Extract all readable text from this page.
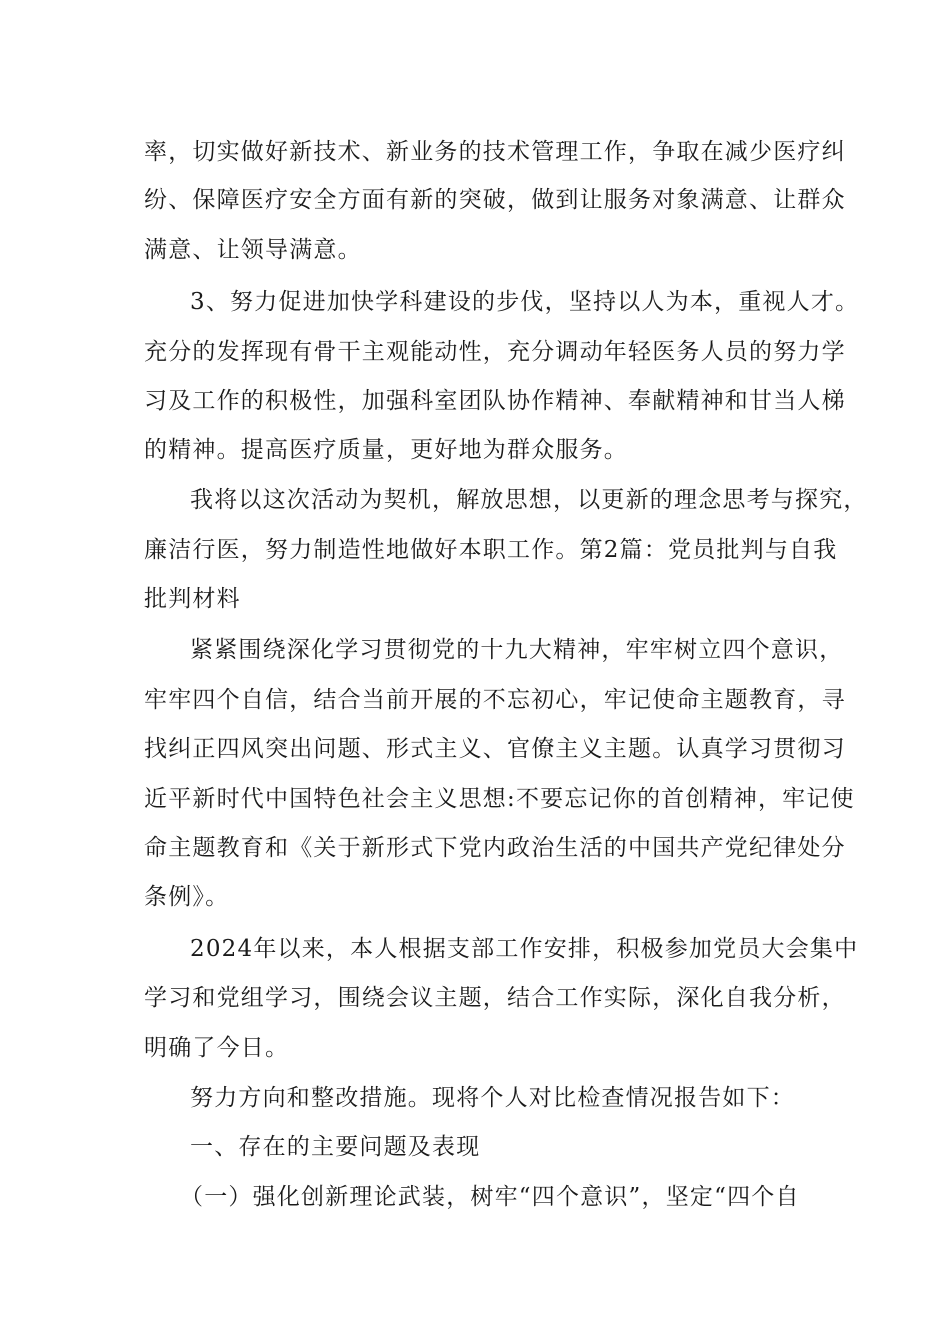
率，切实做好新技术、新业务的技术管理工作，争取在减少医疗纠
纷、保障医疗安全方面有新的突破，做到让服务对象满意、让群众
满意、让领导满意。
3、努力促进加快学科建设的步伐，坚持以人为本，重视人才。
充分的发挥现有骨干主观能动性，充分调动年轻医务人员的努力学
习及工作的积极性，加强科室团队协作精神、奉献精神和甘当人梯
的精神。提高医疗质量，更好地为群众服务。
我将以这次活动为契机，解放思想，以更新的理念思考与探究，
廉洁行医，努力制造性地做好本职工作。第2篇：党员批判与自我
批判材料
紧紧围绕深化学习贯彻党的十九大精神，牢牢树立四个意识，
牢牢四个自信，结合当前开展的不忘初心，牢记使命主题教育，寻
找纠正四风突出问题、形式主义、官僚主义主题。认真学习贯彻习
近平新时代中国特色社会主义思想:不要忘记你的首创精神，牢记使
命主题教育和《关于新形式下党内政治生活的中国共产党纪律处分
条例》。
2024年以来，本人根据支部工作安排，积极参加党员大会集中
学习和党组学习，围绕会议主题，结合工作实际，深化自我分析，
明确了今日。
努力方向和整改措施。现将个人对比检查情况报告如下：
一、存在的主要问题及表现
（一）强化创新理论武装，树牢“四个意识”，坚定“四个自
